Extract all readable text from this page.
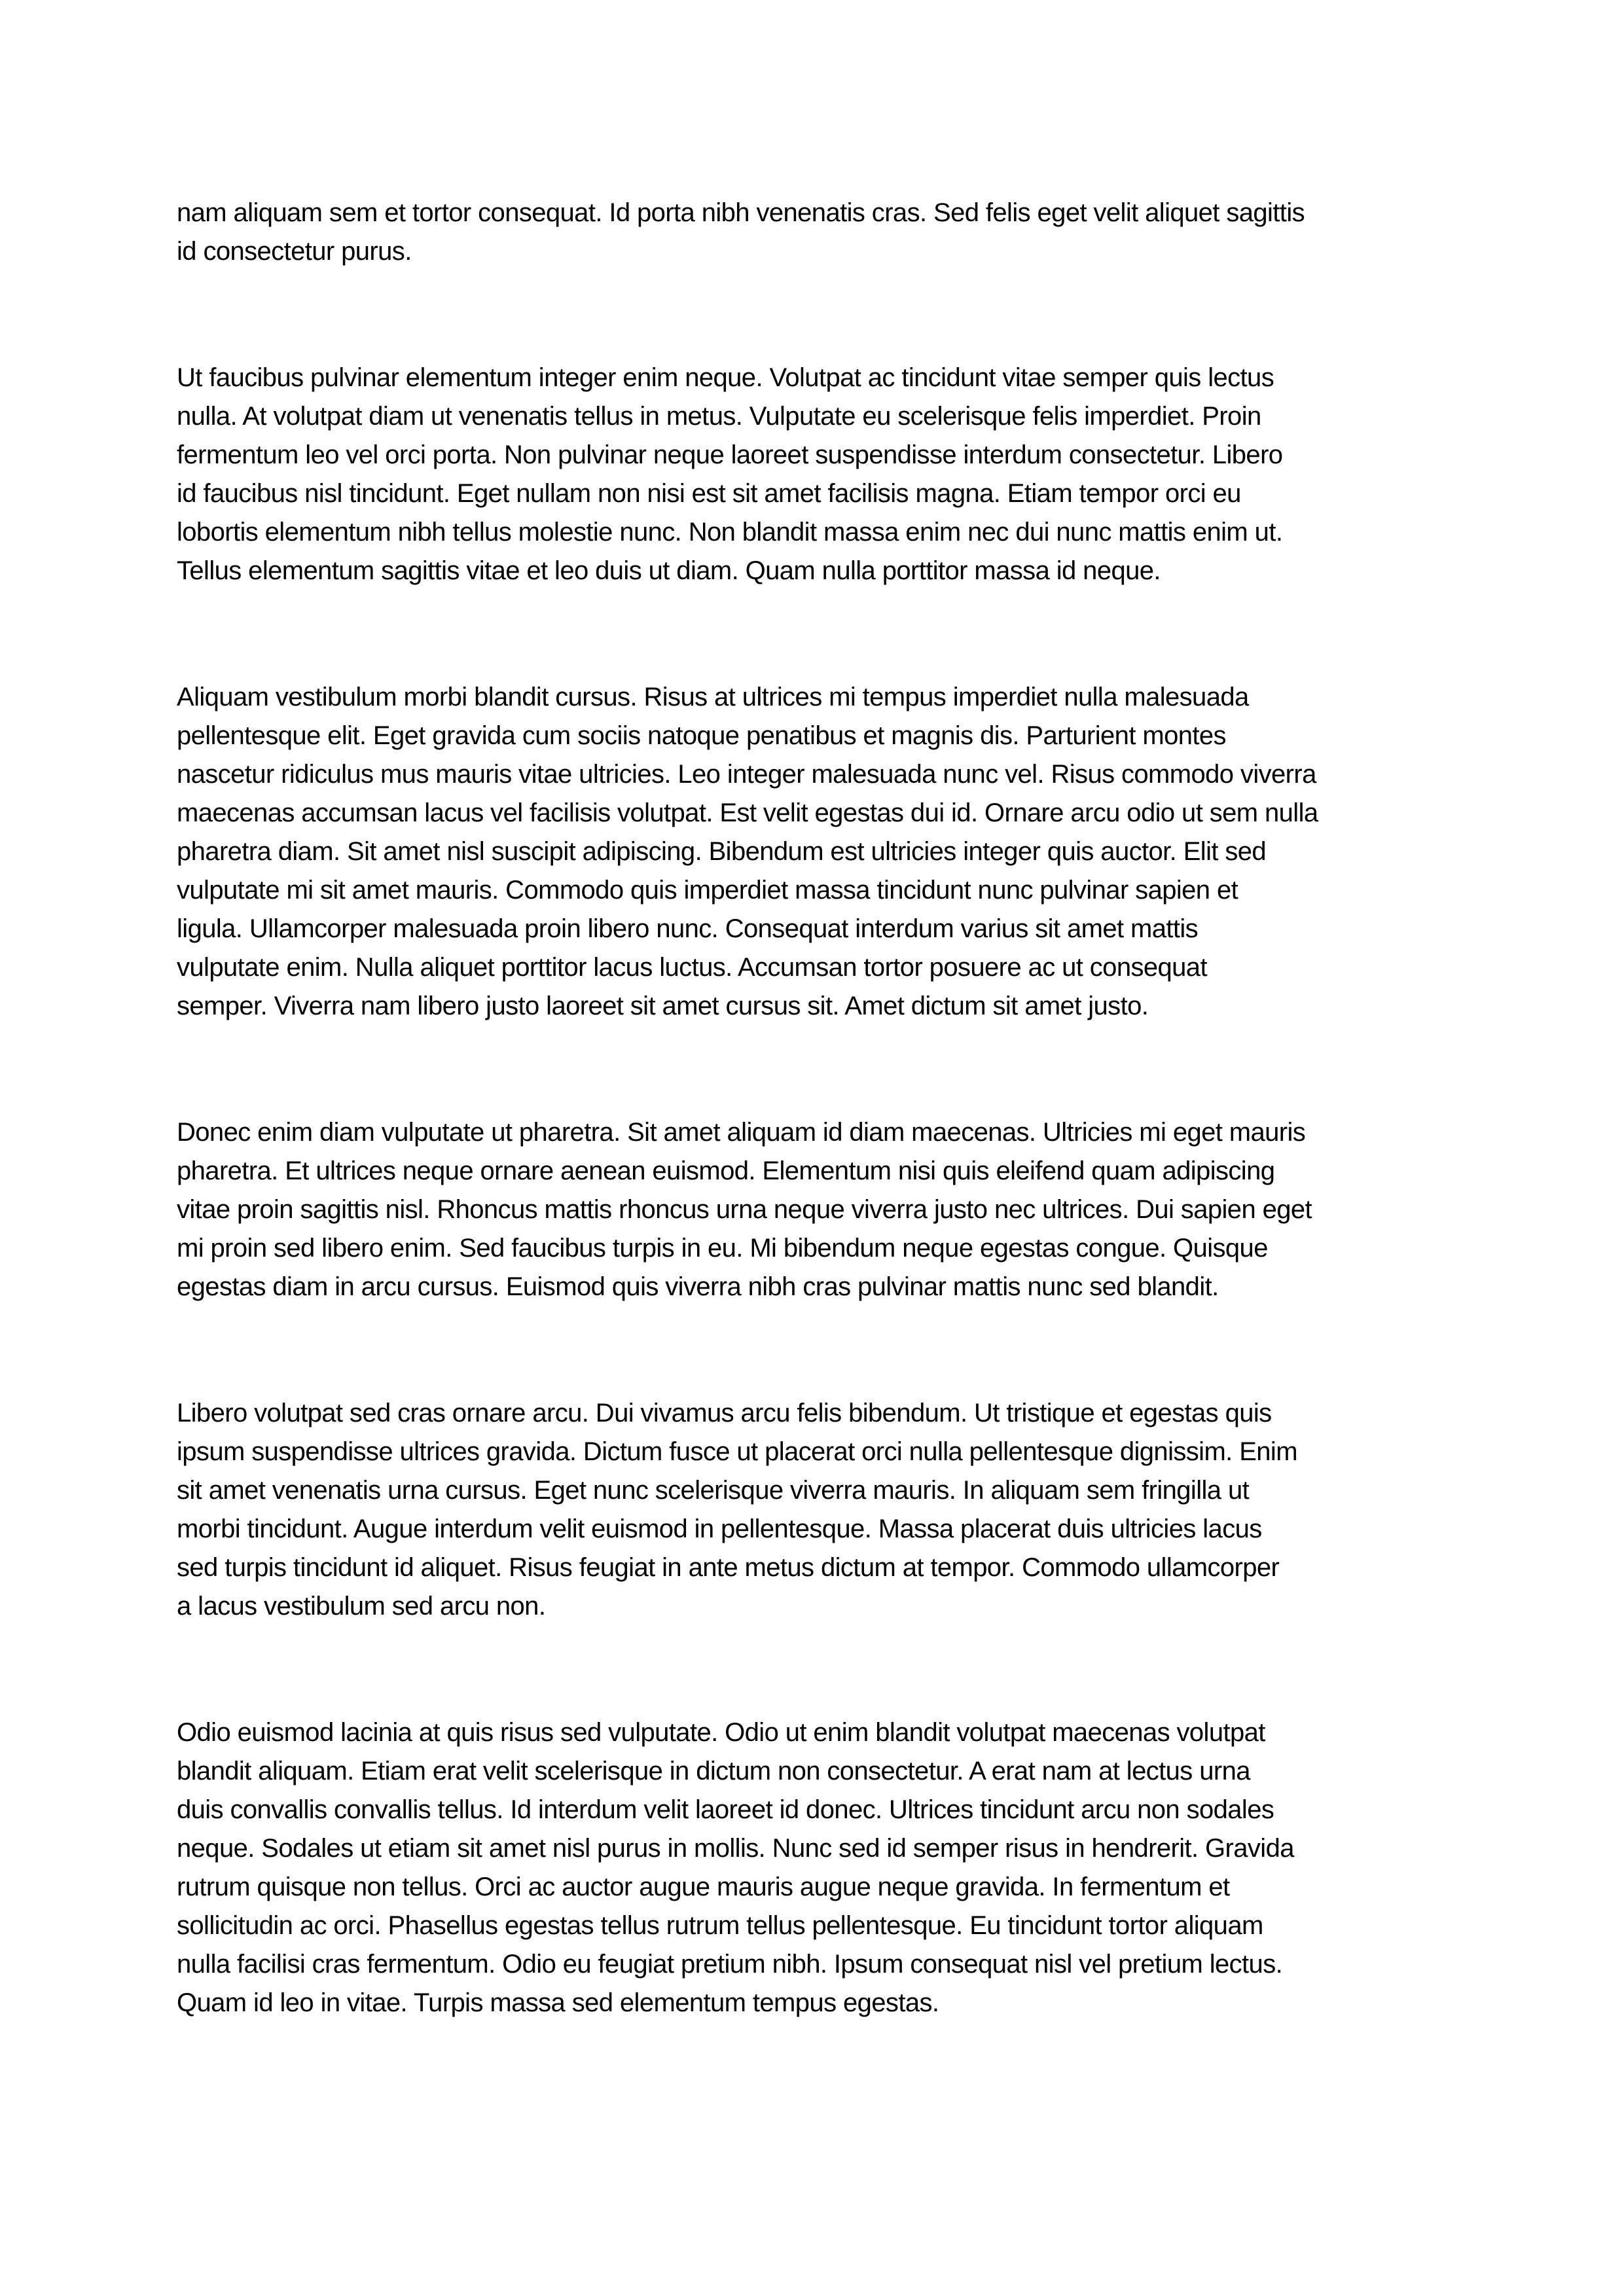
nam aliquam sem et tortor consequat. Id porta nibh venenatis cras. Sed felis eget velit aliquet sagittis
id consectetur purus.
Ut faucibus pulvinar elementum integer enim neque. Volutpat ac tincidunt vitae semper quis lectus
nulla. At volutpat diam ut venenatis tellus in metus. Vulputate eu scelerisque felis imperdiet. Proin
fermentum leo vel orci porta. Non pulvinar neque laoreet suspendisse interdum consectetur. Libero
id faucibus nisl tincidunt. Eget nullam non nisi est sit amet facilisis magna. Etiam tempor orci eu
lobortis elementum nibh tellus molestie nunc. Non blandit massa enim nec dui nunc mattis enim ut.
Tellus elementum sagittis vitae et leo duis ut diam. Quam nulla porttitor massa id neque.
Aliquam vestibulum morbi blandit cursus. Risus at ultrices mi tempus imperdiet nulla malesuada
pellentesque elit. Eget gravida cum sociis natoque penatibus et magnis dis. Parturient montes
nascetur ridiculus mus mauris vitae ultricies. Leo integer malesuada nunc vel. Risus commodo viverra
maecenas accumsan lacus vel facilisis volutpat. Est velit egestas dui id. Ornare arcu odio ut sem nulla
pharetra diam. Sit amet nisl suscipit adipiscing. Bibendum est ultricies integer quis auctor. Elit sed
vulputate mi sit amet mauris. Commodo quis imperdiet massa tincidunt nunc pulvinar sapien et
ligula. Ullamcorper malesuada proin libero nunc. Consequat interdum varius sit amet mattis
vulputate enim. Nulla aliquet porttitor lacus luctus. Accumsan tortor posuere ac ut consequat
semper. Viverra nam libero justo laoreet sit amet cursus sit. Amet dictum sit amet justo.
Donec enim diam vulputate ut pharetra. Sit amet aliquam id diam maecenas. Ultricies mi eget mauris
pharetra. Et ultrices neque ornare aenean euismod. Elementum nisi quis eleifend quam adipiscing
vitae proin sagittis nisl. Rhoncus mattis rhoncus urna neque viverra justo nec ultrices. Dui sapien eget
mi proin sed libero enim. Sed faucibus turpis in eu. Mi bibendum neque egestas congue. Quisque
egestas diam in arcu cursus. Euismod quis viverra nibh cras pulvinar mattis nunc sed blandit.
Libero volutpat sed cras ornare arcu. Dui vivamus arcu felis bibendum. Ut tristique et egestas quis
ipsum suspendisse ultrices gravida. Dictum fusce ut placerat orci nulla pellentesque dignissim. Enim
sit amet venenatis urna cursus. Eget nunc scelerisque viverra mauris. In aliquam sem fringilla ut
morbi tincidunt. Augue interdum velit euismod in pellentesque. Massa placerat duis ultricies lacus
sed turpis tincidunt id aliquet. Risus feugiat in ante metus dictum at tempor. Commodo ullamcorper
a lacus vestibulum sed arcu non.
Odio euismod lacinia at quis risus sed vulputate. Odio ut enim blandit volutpat maecenas volutpat
blandit aliquam. Etiam erat velit scelerisque in dictum non consectetur. A erat nam at lectus urna
duis convallis convallis tellus. Id interdum velit laoreet id donec. Ultrices tincidunt arcu non sodales
neque. Sodales ut etiam sit amet nisl purus in mollis. Nunc sed id semper risus in hendrerit. Gravida
rutrum quisque non tellus. Orci ac auctor augue mauris augue neque gravida. In fermentum et
sollicitudin ac orci. Phasellus egestas tellus rutrum tellus pellentesque. Eu tincidunt tortor aliquam
nulla facilisi cras fermentum. Odio eu feugiat pretium nibh. Ipsum consequat nisl vel pretium lectus.
Quam id leo in vitae. Turpis massa sed elementum tempus egestas.
